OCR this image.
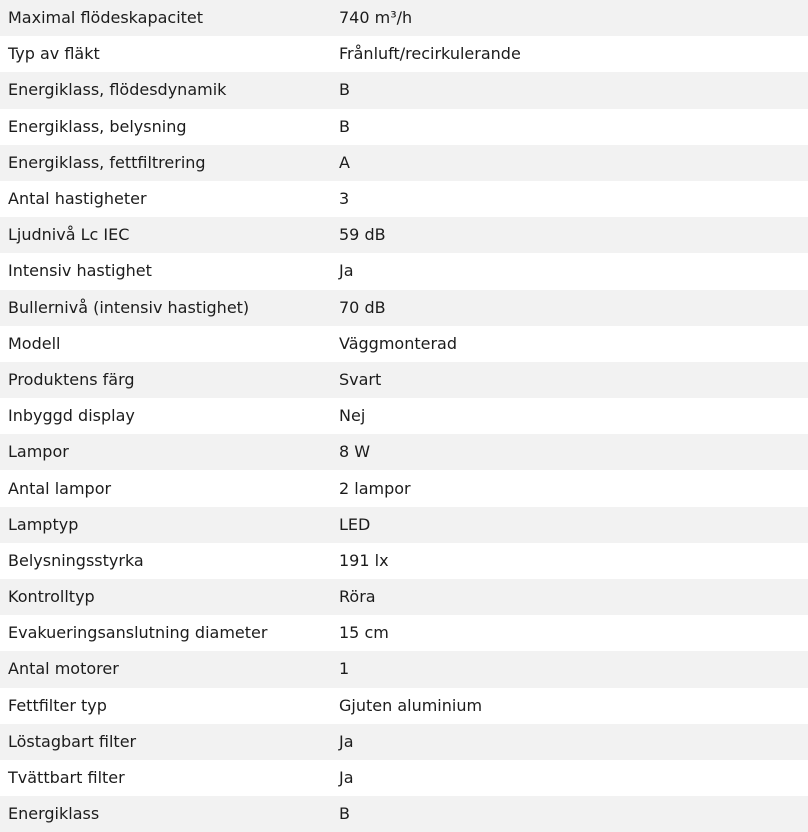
Maximal flödeskapacitet	740 m³/h
Typ av fläkt	Frånluft/recirkulerande
Energiklass, flödesdynamik	B
Energiklass, belysning	B
Energiklass, fettfiltrering	A
Antal hastigheter	3
Ljudnivå Lc IEC	59 dB
Intensiv hastighet	Ja
Bullernivå (intensiv hastighet)	70 dB
Modell	Väggmonterad
Produktens färg	Svart
Inbyggd display	Nej
Lampor	8 W
Antal lampor	2 lampor
Lamptyp	LED
Belysningsstyrka	191 lx
Kontrolltyp	Röra
Evakueringsanslutning diameter	15 cm
Antal motorer	1
Fettfilter typ	Gjuten aluminium
Löstagbart filter	Ja
Tvättbart filter	Ja
Energiklass	B
